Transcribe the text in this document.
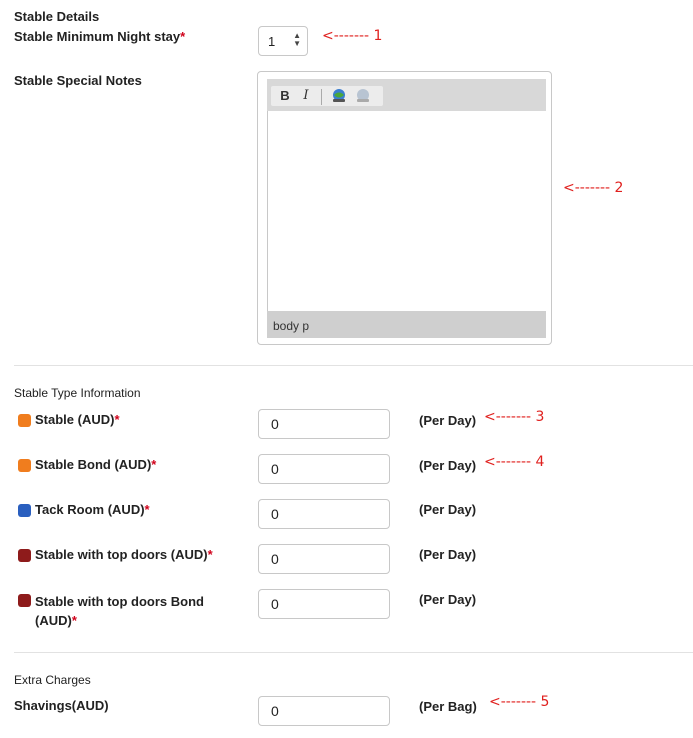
Stable Details
Stable Minimum Night stay*	1 ▲
▼
Stable Special Notes
B	I
body p
Stable Type Information
Stable (AUD)*	0	(Per Day)
Stable Bond (AUD)*	0	(Per Day)
Tack Room (AUD)*	0	(Per Day)
Stable with top doors (AUD)*	0	(Per Day)
Stable with top doors Bond
(AUD)*
0	(Per Day)
Extra Charges
Shavings(AUD)	0	(Per Bag)
<------- 1
<------- 2
<------- 3
<------- 4
<------- 5
